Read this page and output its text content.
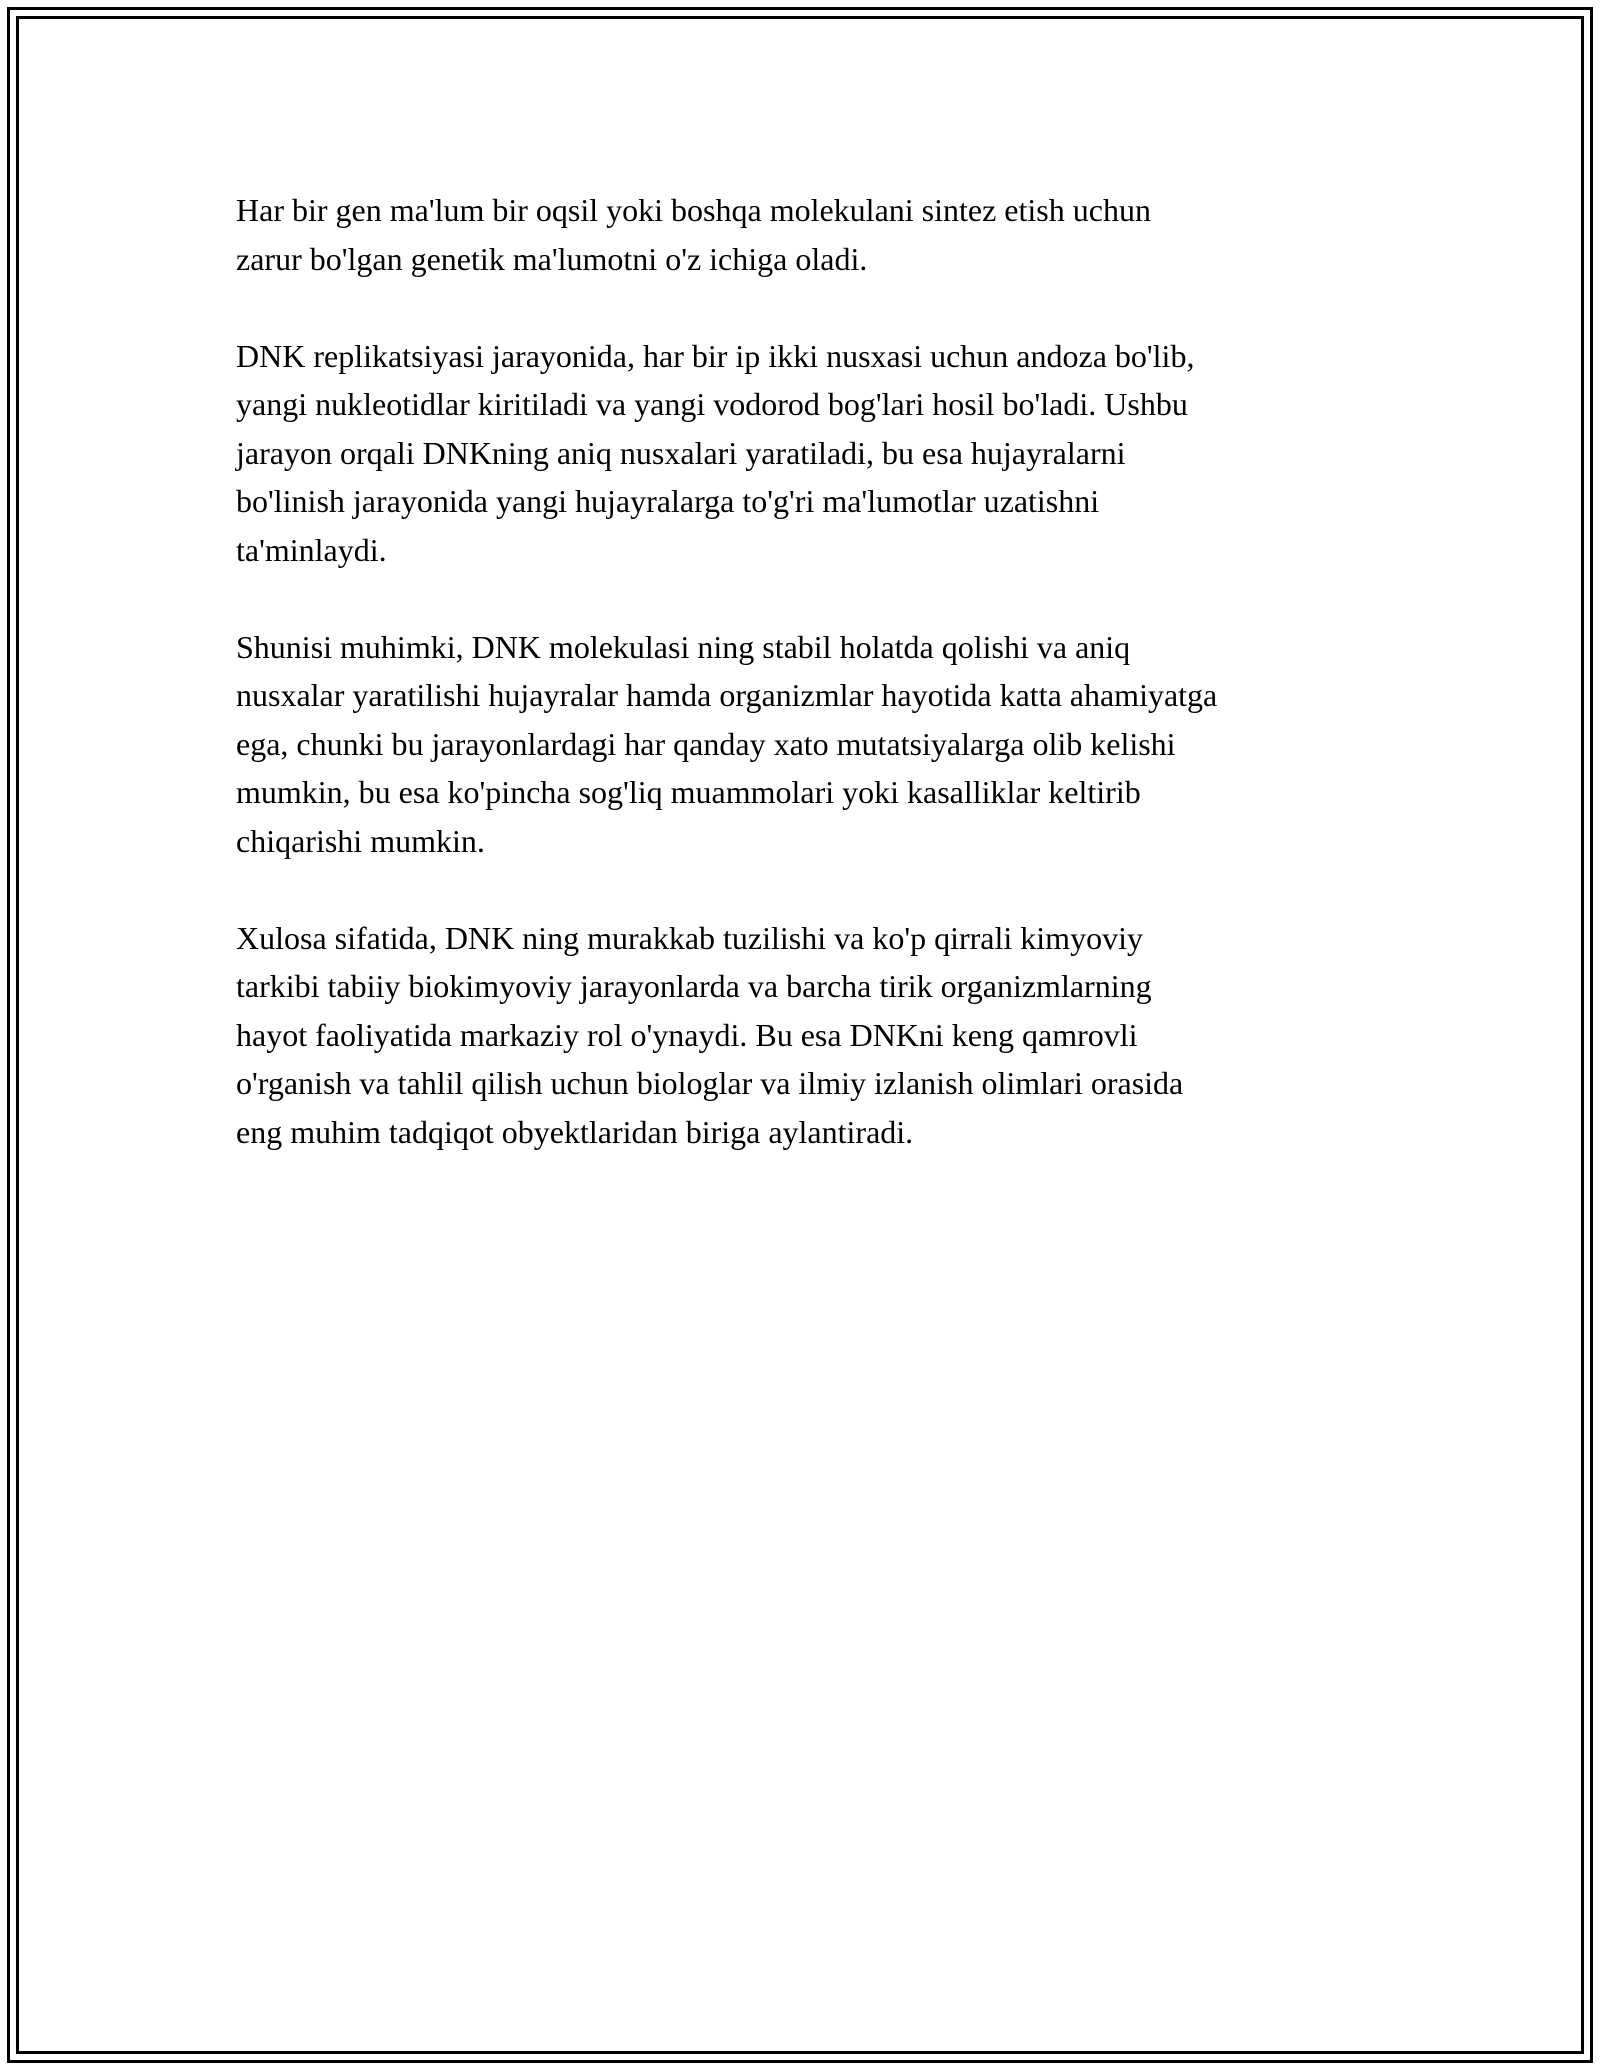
Har bir gen ma'lum bir oqsil yoki boshqa molekulani sintez etish uchun
zarur bo'lgan genetik ma'lumotni o'z ichiga oladi.

DNK replikatsiyasi jarayonida, har bir ip ikki nusxasi uchun andoza bo'lib,
yangi nukleotidlar kiritiladi va yangi vodorod bog'lari hosil bo'ladi. Ushbu
jarayon orqali DNKning aniq nusxalari yaratiladi, bu esa hujayralarni
bo'linish jarayonida yangi hujayralarga to'g'ri ma'lumotlar uzatishni
ta'minlaydi.

Shunisi muhimki, DNK molekulasi ning stabil holatda qolishi va aniq
nusxalar yaratilishi hujayralar hamda organizmlar hayotida katta ahamiyatga
ega, chunki bu jarayonlardagi har qanday xato mutatsiyalarga olib kelishi
mumkin, bu esa ko'pincha sog'liq muammolari yoki kasalliklar keltirib
chiqarishi mumkin.

Xulosa sifatida, DNK ning murakkab tuzilishi va ko'p qirrali kimyoviy
tarkibi tabiiy biokimyoviy jarayonlarda va barcha tirik organizmlarning
hayot faoliyatida markaziy rol o'ynaydi. Bu esa DNKni keng qamrovli
o'rganish va tahlil qilish uchun biologlar va ilmiy izlanish olimlari orasida
eng muhim tadqiqot obyektlaridan biriga aylantiradi.
